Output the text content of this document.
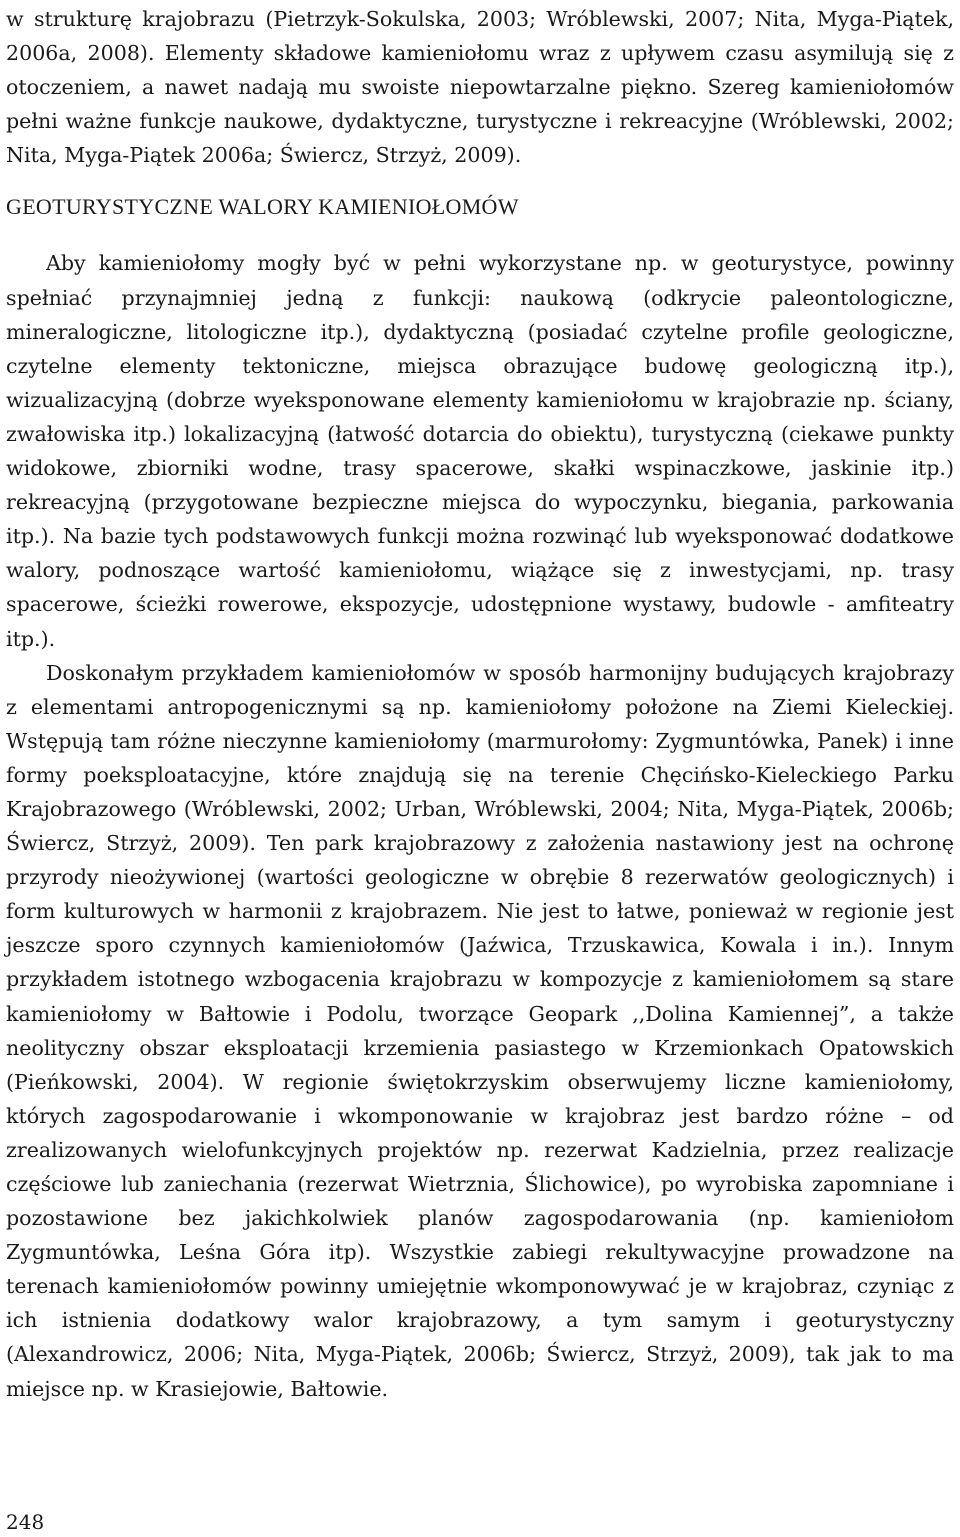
w strukturę krajobrazu (Pietrzyk-Sokulska, 2003; Wróblewski, 2007; Nita, Myga-Piątek, 2006a, 2008). Elementy składowe kamieniołomu wraz z upływem czasu asymilują się z otoczeniem, a nawet nadają mu swoiste niepowtarzalne piękno. Szereg kamieniołomów pełni ważne funkcje naukowe, dydaktyczne, turystyczne i rekreacyjne (Wróblewski, 2002; Nita, Myga-Piątek 2006a; Świercz, Strzyż, 2009).

GEOTURYSTYCZNE WALORY KAMIENIOŁOMÓW

Aby kamieniołomy mogły być w pełni wykorzystane np. w geoturystyce, powinny spełniać przynajmniej jedną z funkcji: naukową (odkrycie paleontologiczne, mineralogiczne, litologiczne itp.), dydaktyczną (posiadać czytelne profile geologiczne, czytelne elementy tektoniczne, miejsca obrazujące budowę geologiczną itp.), wizualizacyjną (dobrze wyeksponowane elementy kamieniołomu w krajobrazie np. ściany, zwałowiska itp.) lokalizacyjną (łatwość dotarcia do obiektu), turystyczną (ciekawe punkty widokowe, zbiorniki wodne, trasy spacerowe, skałki wspinaczkowe, jaskinie itp.) rekreacyjną (przygotowane bezpieczne miejsca do wypoczynku, biegania, parkowania itp.). Na bazie tych podstawowych funkcji można rozwinąć lub wyeksponować dodatkowe walory, podnoszące wartość kamieniołomu, wiążące się z inwestycjami, np. trasy spacerowe, ścieżki rowerowe, ekspozycje, udostępnione wystawy, budowle - amfiteatry itp.).

Doskonałym przykładem kamieniołomów w sposób harmonijny budujących krajobrazy z elementami antropogenicznymi są np. kamieniołomy położone na Ziemi Kieleckiej. Wstępują tam różne nieczynne kamieniołomy (marmurołomy: Zygmuntówka, Panek) i inne formy poeksploatacyjne, które znajdują się na terenie Chęcińsko-Kieleckiego Parku Krajobrazowego (Wróblewski, 2002; Urban, Wróblewski, 2004; Nita, Myga-Piątek, 2006b; Świercz, Strzyż, 2009). Ten park krajobrazowy z założenia nastawiony jest na ochronę przyrody nieożywionej (wartości geologiczne w obrębie 8 rezerwatów geologicznych) i form kulturowych w harmonii z krajobrazem. Nie jest to łatwe, ponieważ w regionie jest jeszcze sporo czynnych kamieniołomów (Jaźwica, Trzuskawica, Kowala i in.). Innym przykładem istotnego wzbogacenia krajobrazu w kompozycje z kamieniołomem są stare kamieniołomy w Bałtowie i Podolu, tworzące Geopark ,,Dolina Kamiennej”, a także neolityczny obszar eksploatacji krzemienia pasiastego w Krzemionkach Opatowskich (Pieńkowski, 2004). W regionie świętokrzyskim obserwujemy liczne kamieniołomy, których zagospodarowanie i wkomponowanie w krajobraz jest bardzo różne – od zrealizowanych wielofunkcyjnych projektów np. rezerwat Kadzielnia, przez realizacje częściowe lub zaniechania (rezerwat Wietrznia, Ślichowice), po wyrobiska zapomniane i pozostawione bez jakichkolwiek planów zagospodarowania (np. kamieniołom Zygmuntówka, Leśna Góra itp). Wszystkie zabiegi rekultywacyjne prowadzone na terenach kamieniołomów powinny umiejętnie wkomponowywać je w krajobraz, czyniąc z ich istnienia dodatkowy walor krajobrazowy, a tym samym i geoturystyczny (Alexandrowicz, 2006; Nita, Myga-Piątek, 2006b; Świercz, Strzyż, 2009), tak jak to ma miejsce np. w Krasiejowie, Bałtowie.

248
